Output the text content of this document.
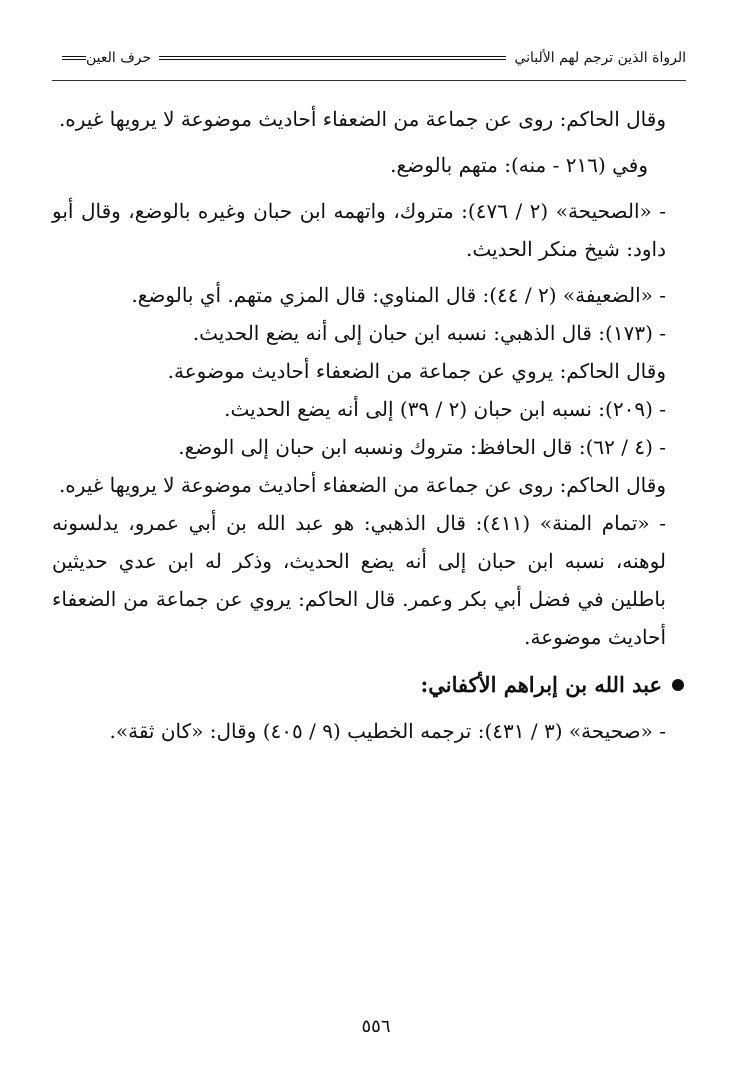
الرواة الذين ترجم لهم الألباني
حرف العين

وقال الحاكم: روى عن جماعة من الضعفاء أحاديث موضوعة لا يرويها غيره.

وفي (٢١٦ - منه): متهم بالوضع.

- «الصحيحة» (٢ / ٤٧٦): متروك، واتهمه ابن حبان وغيره بالوضع، وقال أبو داود: شيخ منكر الحديث.

- «الضعيفة» (٢ / ٤٤): قال المناوي: قال المزي متهم. أي بالوضع.

- (١٧٣): قال الذهبي: نسبه ابن حبان إلى أنه يضع الحديث.

وقال الحاكم: يروي عن جماعة من الضعفاء أحاديث موضوعة.

- (٢٠٩): نسبه ابن حبان (٢ / ٣٩) إلى أنه يضع الحديث.

- (٤ / ٦٢): قال الحافظ: متروك ونسبه ابن حبان إلى الوضع.

وقال الحاكم: روى عن جماعة من الضعفاء أحاديث موضوعة لا يرويها غيره.

- «تمام المنة» (٤١١): قال الذهبي: هو عبد الله بن أبي عمرو، يدلسونه لوهنه، نسبه ابن حبان إلى أنه يضع الحديث، وذكر له ابن عدي حديثين باطلين في فضل أبي بكر وعمر. قال الحاكم: يروي عن جماعة من الضعفاء أحاديث موضوعة.

عبد الله بن إبراهم الأكفاني:

- «صحيحة» (٣ / ٤٣١): ترجمه الخطيب (٩ / ٤٠٥) وقال: «كان ثقة».

٥٥٦
